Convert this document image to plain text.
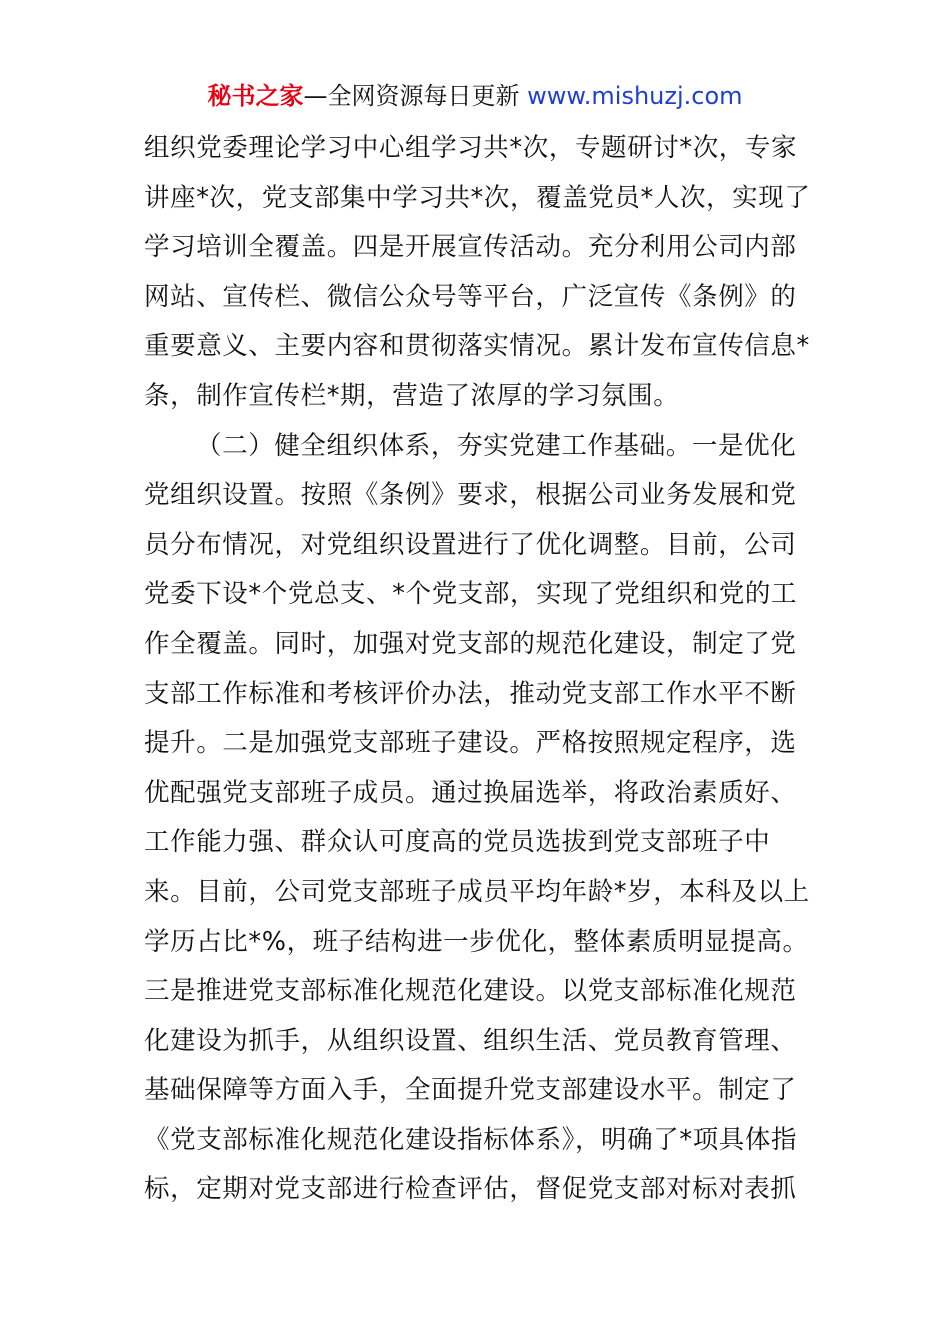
秘书之家—全网资源每日更新 www.mishuzj.com
组织党委理论学习中心组学习共*次，专题研讨*次，专家
讲座*次，党支部集中学习共*次，覆盖党员*人次，实现了
学习培训全覆盖。四是开展宣传活动。充分利用公司内部
网站、宣传栏、微信公众号等平台，广泛宣传《条例》的
重要意义、主要内容和贯彻落实情况。累计发布宣传信息*
条，制作宣传栏*期，营造了浓厚的学习氛围。
（二）健全组织体系，夯实党建工作基础。一是优化
党组织设置。按照《条例》要求，根据公司业务发展和党
员分布情况，对党组织设置进行了优化调整。目前，公司
党委下设*个党总支、*个党支部，实现了党组织和党的工
作全覆盖。同时，加强对党支部的规范化建设，制定了党
支部工作标准和考核评价办法，推动党支部工作水平不断
提升。二是加强党支部班子建设。严格按照规定程序，选
优配强党支部班子成员。通过换届选举，将政治素质好、
工作能力强、群众认可度高的党员选拔到党支部班子中
来。目前，公司党支部班子成员平均年龄*岁，本科及以上
学历占比*%，班子结构进一步优化，整体素质明显提高。
三是推进党支部标准化规范化建设。以党支部标准化规范
化建设为抓手，从组织设置、组织生活、党员教育管理、
基础保障等方面入手，全面提升党支部建设水平。制定了
《党支部标准化规范化建设指标体系》，明确了*项具体指
标，定期对党支部进行检查评估，督促党支部对标对表抓
